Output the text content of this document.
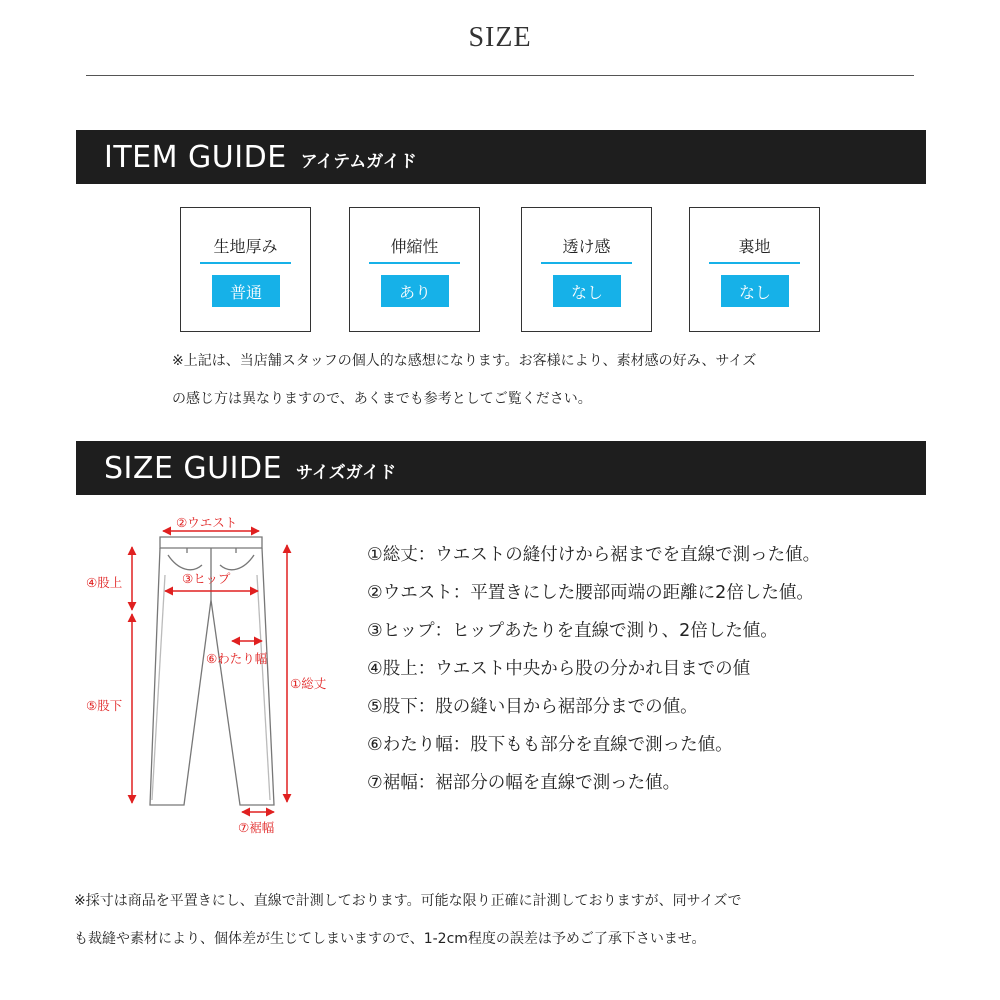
SIZE
ITEM GUIDE アイテムガイド
生地厚み
普通
伸縮性
あり
透け感
なし
裏地
なし
※上記は、当店舗スタッフの個人的な感想になります。お客様により、素材感の好み、サイズ
の感じ方は異なりますので、あくまでも参考としてご覧ください。
SIZE GUIDE サイズガイド
②ウエスト
③ヒップ
⑥わたり幅
①総丈
④股上
⑤股下
⑦裾幅
①総丈：ウエストの縫付けから裾までを直線で測った値。
②ウエスト：平置きにした腰部両端の距離に2倍した値。
③ヒップ：ヒップあたりを直線で測り、2倍した値。
④股上：ウエスト中央から股の分かれ目までの値
⑤股下：股の縫い目から裾部分までの値。
⑥わたり幅：股下もも部分を直線で測った値。
⑦裾幅：裾部分の幅を直線で測った値。
※採寸は商品を平置きにし、直線で計測しております。可能な限り正確に計測しておりますが、同サイズで
も裁縫や素材により、個体差が生じてしまいますので、1-2cm程度の誤差は予めご了承下さいませ。
